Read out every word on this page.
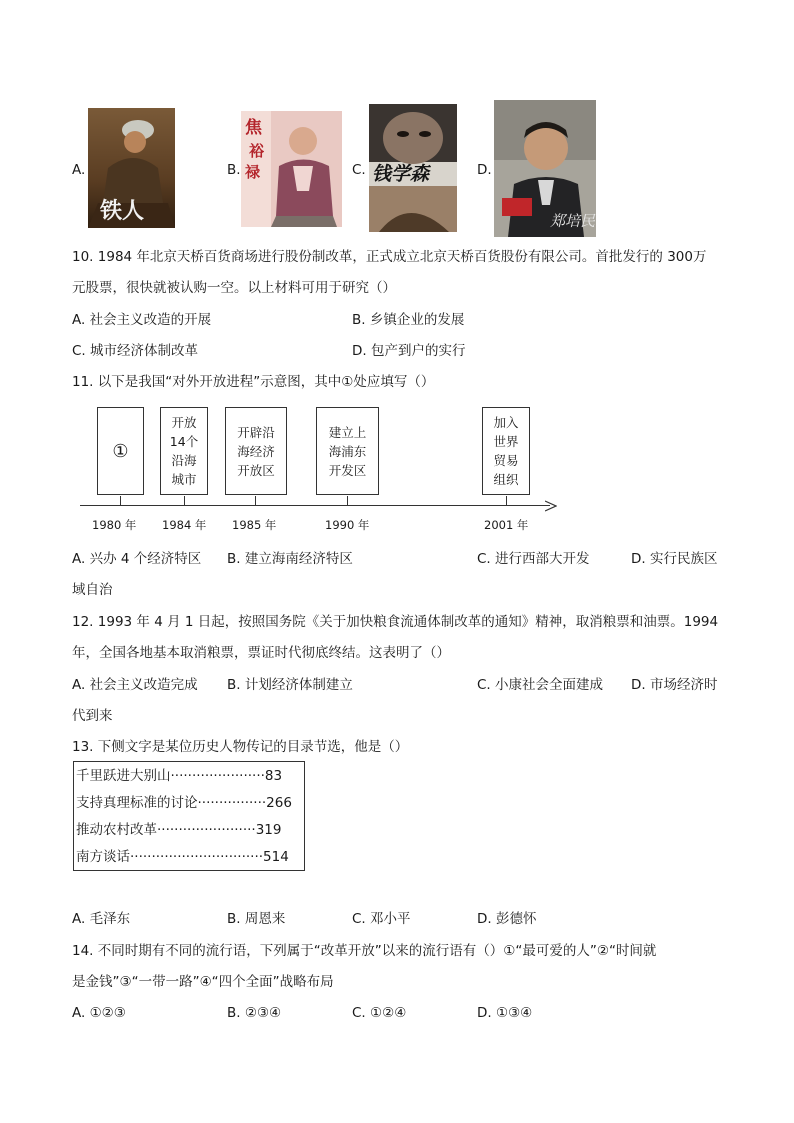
A.
铁人
B.
焦
裕
禄	C. 钱学森	D.
郑培民
10. 1984 年北京天桥百货商场进行股份制改革，正式成立北京天桥百货股份有限公司。首批发行的 300万
元股票，很快就被认购一空。以上材料可用于研究（）
A. 社会主义改造的开展	B. 乡镇企业的发展
C. 城市经济体制改革	D. 包产到户的实行
11. 以下是我国“对外开放进程”示意图，其中①处应填写（）
①
开放
14个
沿海
城市
开辟沿
海经济
开放区
建立上
海浦东
开发区
加入
世界
贸易
组织
1980 年 1984 年 1985 年	1990 年	2001 年
A. 兴办 4 个经济特区 B. 建立海南经济特区	C. 进行西部大开发	D. 实行民族区
域自治
12. 1993 年 4 月 1 日起，按照国务院《关于加快粮食流通体制改革的通知》精神，取消粮票和油票。1994
年，全国各地基本取消粮票，票证时代彻底终结。这表明了（）
A. 社会主义改造完成 B. 计划经济体制建立	C. 小康社会全面建成 D. 市场经济时
代到来
13. 下侧文字是某位历史人物传记的目录节选，他是（）
千里跃进大别山······················83
支持真理标准的讨论················266
推动农村改革·······················319
南方谈话·······························514
A. 毛泽东	B. 周恩来	C. 邓小平	D. 彭德怀
14. 不同时期有不同的流行语，下列属于“改革开放”以来的流行语有（）①“最可爱的人”②“时间就
是金钱”③“一带一路”④“四个全面”战略布局
A. ①②③	B. ②③④	C. ①②④	D. ①③④
